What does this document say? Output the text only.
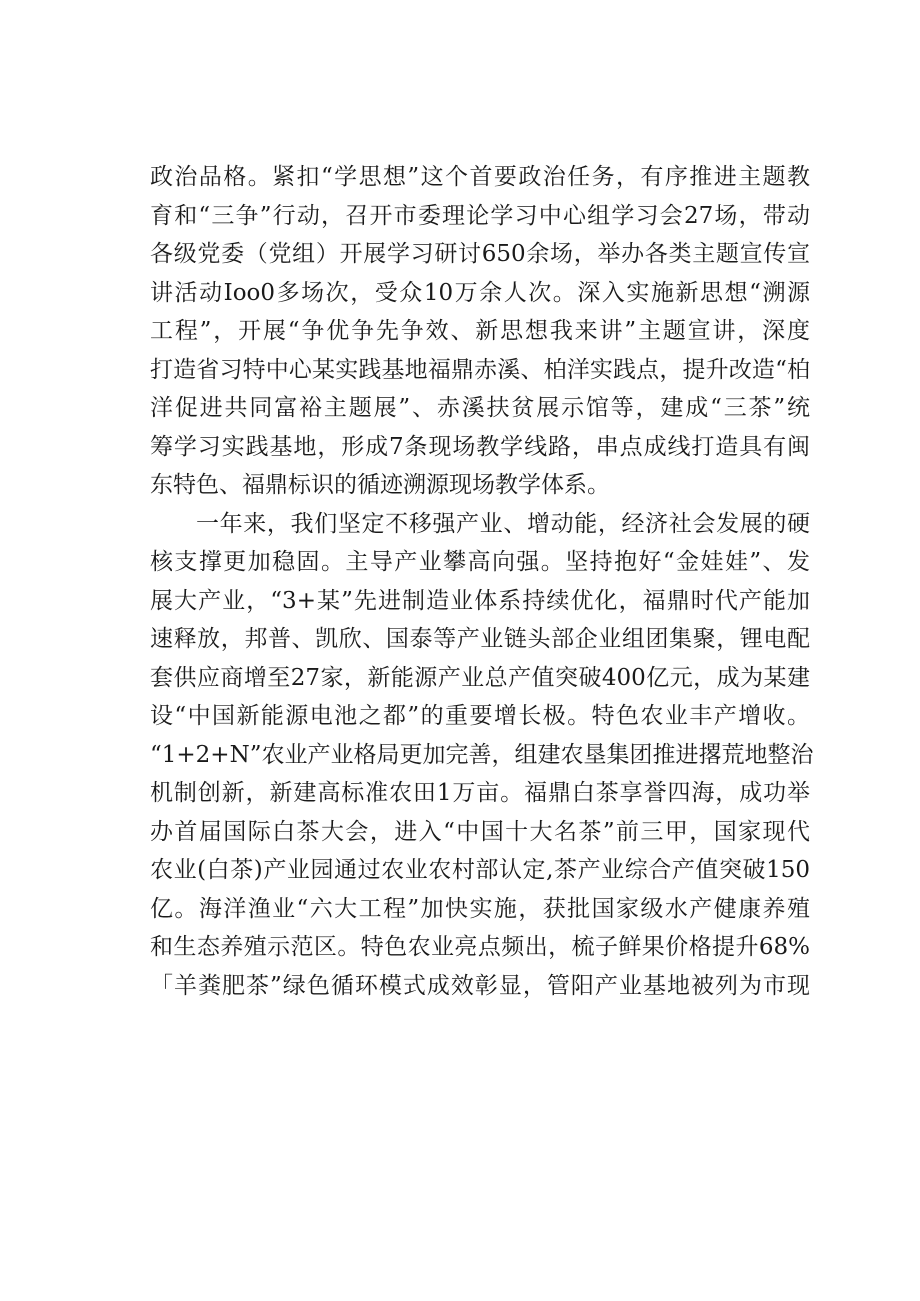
政治品格。紧扣“学思想”这个首要政治任务，有序推进主题教
育和“三争”行动，召开市委理论学习中心组学习会27场，带动
各级党委（党组）开展学习研讨650余场，举办各类主题宣传宣
讲活动Ioo0多场次，受众10万余人次。深入实施新思想“溯源
工程”，开展“争优争先争效、新思想我来讲”主题宣讲，深度
打造省习特中心某实践基地福鼎赤溪、柏洋实践点，提升改造“柏
洋促进共同富裕主题展”、赤溪扶贫展示馆等，建成“三茶”统
筹学习实践基地，形成7条现场教学线路，串点成线打造具有闽
东特色、福鼎标识的循迹溯源现场教学体系。
一年来，我们坚定不移强产业、增动能，经济社会发展的硬
核支撑更加稳固。主导产业攀高向强。坚持抱好“金娃娃”、发
展大产业，“3+某”先进制造业体系持续优化，福鼎时代产能加
速释放，邦普、凯欣、国泰等产业链头部企业组团集聚，锂电配
套供应商增至27家，新能源产业总产值突破400亿元，成为某建
设“中国新能源电池之都”的重要增长极。特色农业丰产增收。
“1+2+N”农业产业格局更加完善，组建农垦集团推进撂荒地整治
机制创新，新建高标准农田1万亩。福鼎白茶享誉四海，成功举
办首届国际白茶大会，进入“中国十大名茶”前三甲，国家现代
农业(白茶)产业园通过农业农村部认定,茶产业综合产值突破150
亿。海洋渔业“六大工程”加快实施，获批国家级水产健康养殖
和生态养殖示范区。特色农业亮点频出，梳子鲜果价格提升68%
「羊粪肥茶”绿色循环模式成效彰显，管阳产业基地被列为市现
